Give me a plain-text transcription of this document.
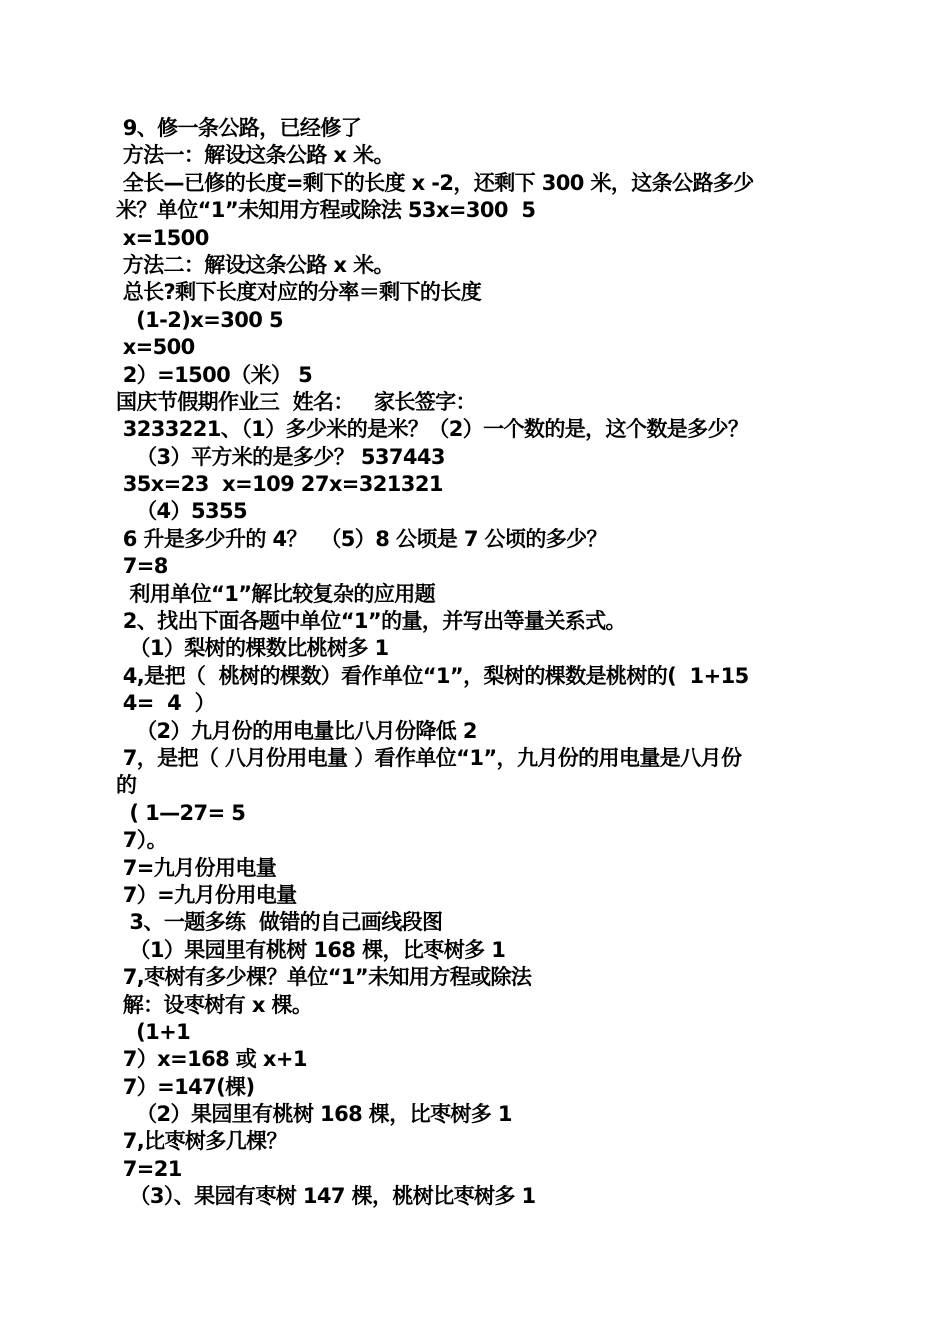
9、修一条公路，已经修了
方法一：解设这条公路 x 米。
全长—已修的长度=剩下的长度 x -2，还剩下 300 米，这条公路多少
米？单位“1”未知用方程或除法 53x=300  5
x=1500
方法二：解设这条公路 x 米。
总长?剩下长度对应的分率＝剩下的长度
(1-2)x=300 5
x=500
2）=1500（米） 5
国庆节假期作业三  姓名：   家长签字：
3233221、（1）多少米的是米？（2）一个数的是，这个数是多少？
（3）平方米的是多少？ 537443
35x=23  x=109 27x=321321
（4）5355
6 升是多少升的 4？  （5）8 公顷是 7 公顷的多少？
7=8
利用单位“1”解比较复杂的应用题
2、找出下面各题中单位“1”的量，并写出等量关系式。
（1）梨树的棵数比桃树多 1
4,是把（  桃树的棵数）看作单位“1”，梨树的棵数是桃树的(  1+15
4=  4  ）
（2）九月份的用电量比八月份降低 2
7，是把（ 八月份用电量 ）看作单位“1”，九月份的用电量是八月份
的
( 1—27= 5
7）。
7=九月份用电量
7）=九月份用电量
3、一题多练  做错的自己画线段图
（1）果园里有桃树 168 棵，比枣树多 1
7,枣树有多少棵？单位“1”未知用方程或除法
解：设枣树有 x 棵。
(1+1
7）x=168 或 x+1
7）=147(棵)
（2）果园里有桃树 168 棵，比枣树多 1
7,比枣树多几棵？
7=21
（3）、果园有枣树 147 棵，桃树比枣树多 1
